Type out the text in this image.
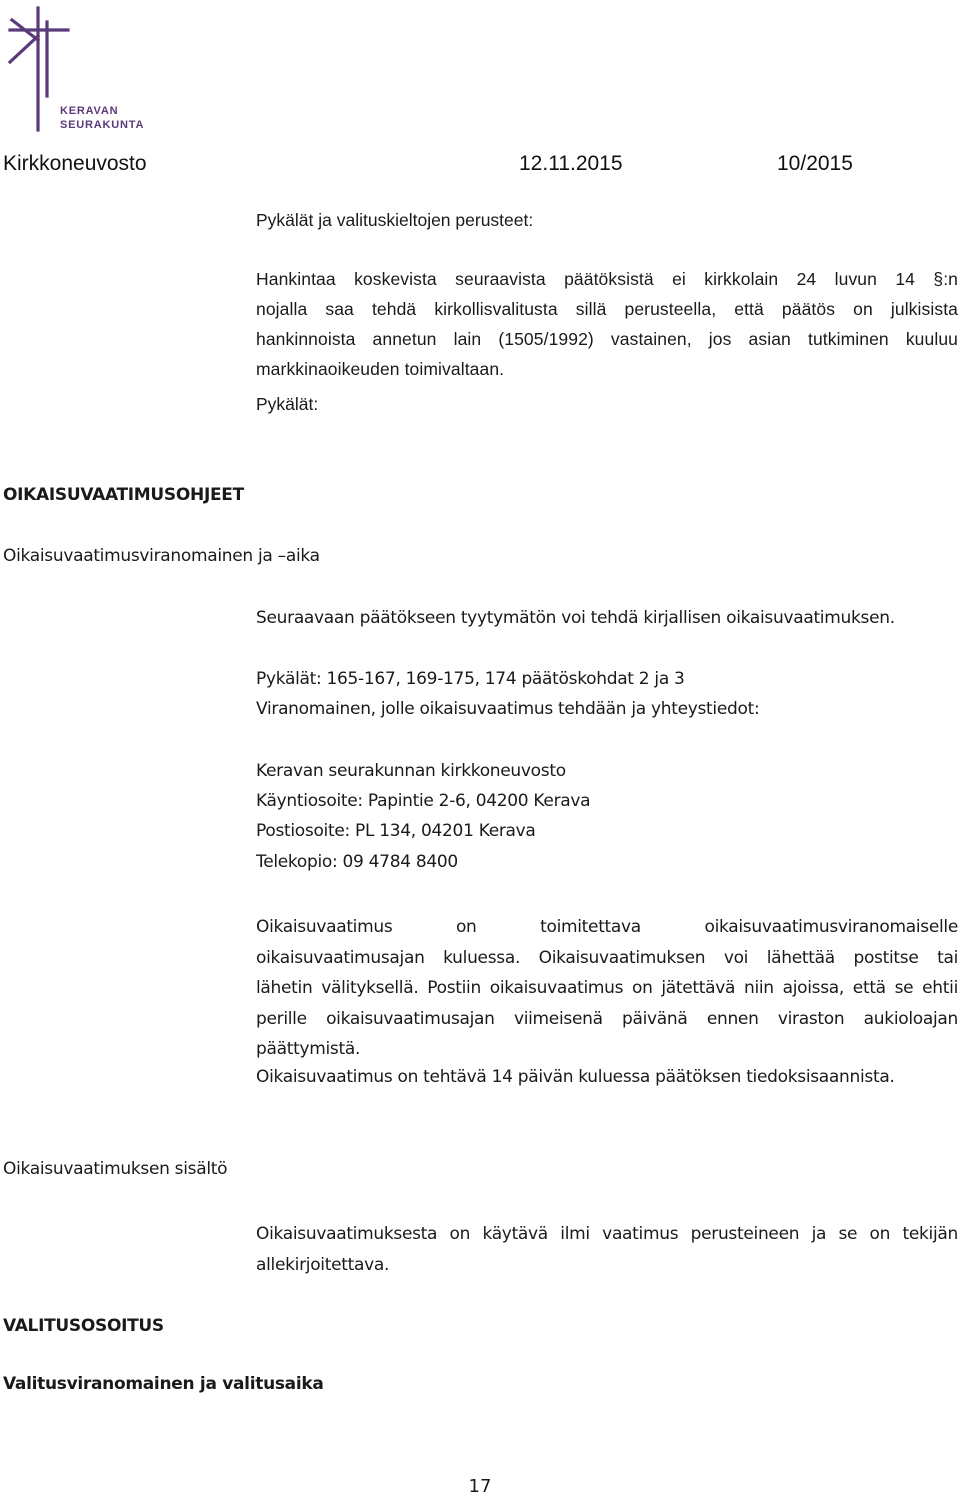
KERAVAN
SEURAKUNTA
Kirkkoneuvosto	12.11.2015	10/2015
Pykälät ja valituskieltojen perusteet:
Hankintaa koskevista seuraavista päätöksistä ei kirkkolain 24 luvun 14 §:n
nojalla saa tehdä kirkollisvalitusta sillä perusteella, että päätös on julkisista
hankinnoista annetun lain (1505/1992) vastainen, jos asian tutkiminen kuuluu
markkinaoikeuden toimivaltaan.
Pykälät:
OIKAISUVAATIMUSOHJEET
Oikaisuvaatimusviranomainen ja –aika
Seuraavaan päätökseen tyytymätön voi tehdä kirjallisen oikaisuvaatimuksen.
Pykälät: 165-167, 169-175, 174 päätöskohdat 2 ja 3
Viranomainen, jolle oikaisuvaatimus tehdään ja yhteystiedot:
Keravan seurakunnan kirkkoneuvosto
Käyntiosoite: Papintie 2-6, 04200 Kerava
Postiosoite: PL 134, 04201 Kerava
Telekopio: 09 4784 8400
Oikaisuvaatimus on toimitettava oikaisuvaatimusviranomaiselle
oikaisuvaatimusajan kuluessa. Oikaisuvaatimuksen voi lähettää postitse tai
lähetin välityksellä. Postiin oikaisuvaatimus on jätettävä niin ajoissa, että se ehtii
perille oikaisuvaatimusajan viimeisenä päivänä ennen viraston aukioloajan
päättymistä.
Oikaisuvaatimus on tehtävä 14 päivän kuluessa päätöksen tiedoksisaannista.
Oikaisuvaatimuksen sisältö
Oikaisuvaatimuksesta on käytävä ilmi vaatimus perusteineen ja se on tekijän
allekirjoitettava.
VALITUSOSOITUS
Valitusviranomainen ja valitusaika
17
